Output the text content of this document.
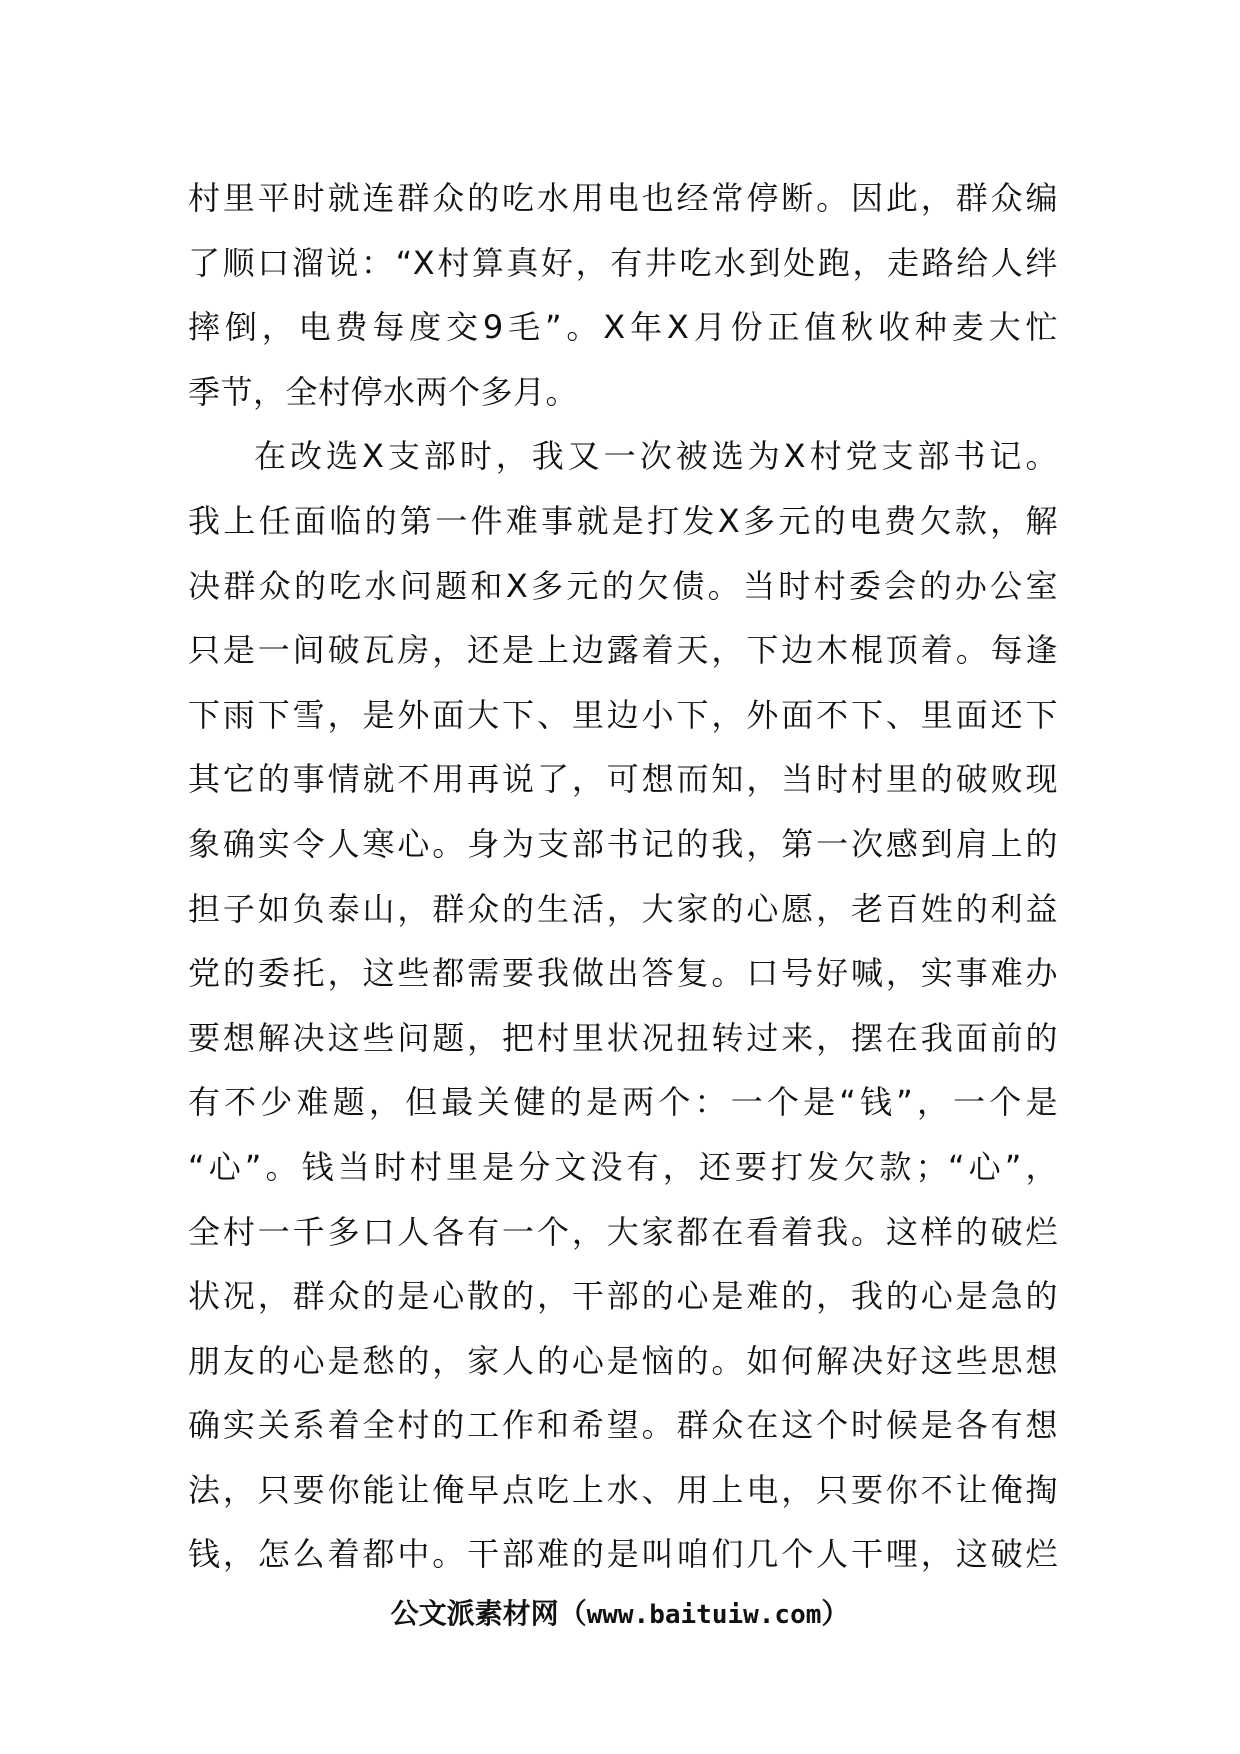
村里平时就连群众的吃水用电也经常停断。因此，群众编
了顺口溜说：“X村算真好，有井吃水到处跑，走路给人绊
摔倒，电费每度交9毛”。X年X月份正值秋收种麦大忙
季节，全村停水两个多月。
在改选X支部时，我又一次被选为X村党支部书记。
我上任面临的第一件难事就是打发X多元的电费欠款，解
决群众的吃水问题和X多元的欠债。当时村委会的办公室
只是一间破瓦房，还是上边露着天，下边木棍顶着。每逢
下雨下雪，是外面大下、里边小下，外面不下、里面还下
其它的事情就不用再说了，可想而知，当时村里的破败现
象确实令人寒心。身为支部书记的我，第一次感到肩上的
担子如负泰山，群众的生活，大家的心愿，老百姓的利益
党的委托，这些都需要我做出答复。口号好喊，实事难办
要想解决这些问题，把村里状况扭转过来，摆在我面前的
有不少难题，但最关健的是两个：一个是“钱”，一个是
“心”。钱当时村里是分文没有，还要打发欠款；“心”，
全村一千多口人各有一个，大家都在看着我。这样的破烂
状况，群众的是心散的，干部的心是难的，我的心是急的
朋友的心是愁的，家人的心是恼的。如何解决好这些思想
确实关系着全村的工作和希望。群众在这个时候是各有想
法，只要你能让俺早点吃上水、用上电，只要你不让俺掏
钱，怎么着都中。干部难的是叫咱们几个人干哩，这破烂
公文派素材网（www.baituiw.com）
